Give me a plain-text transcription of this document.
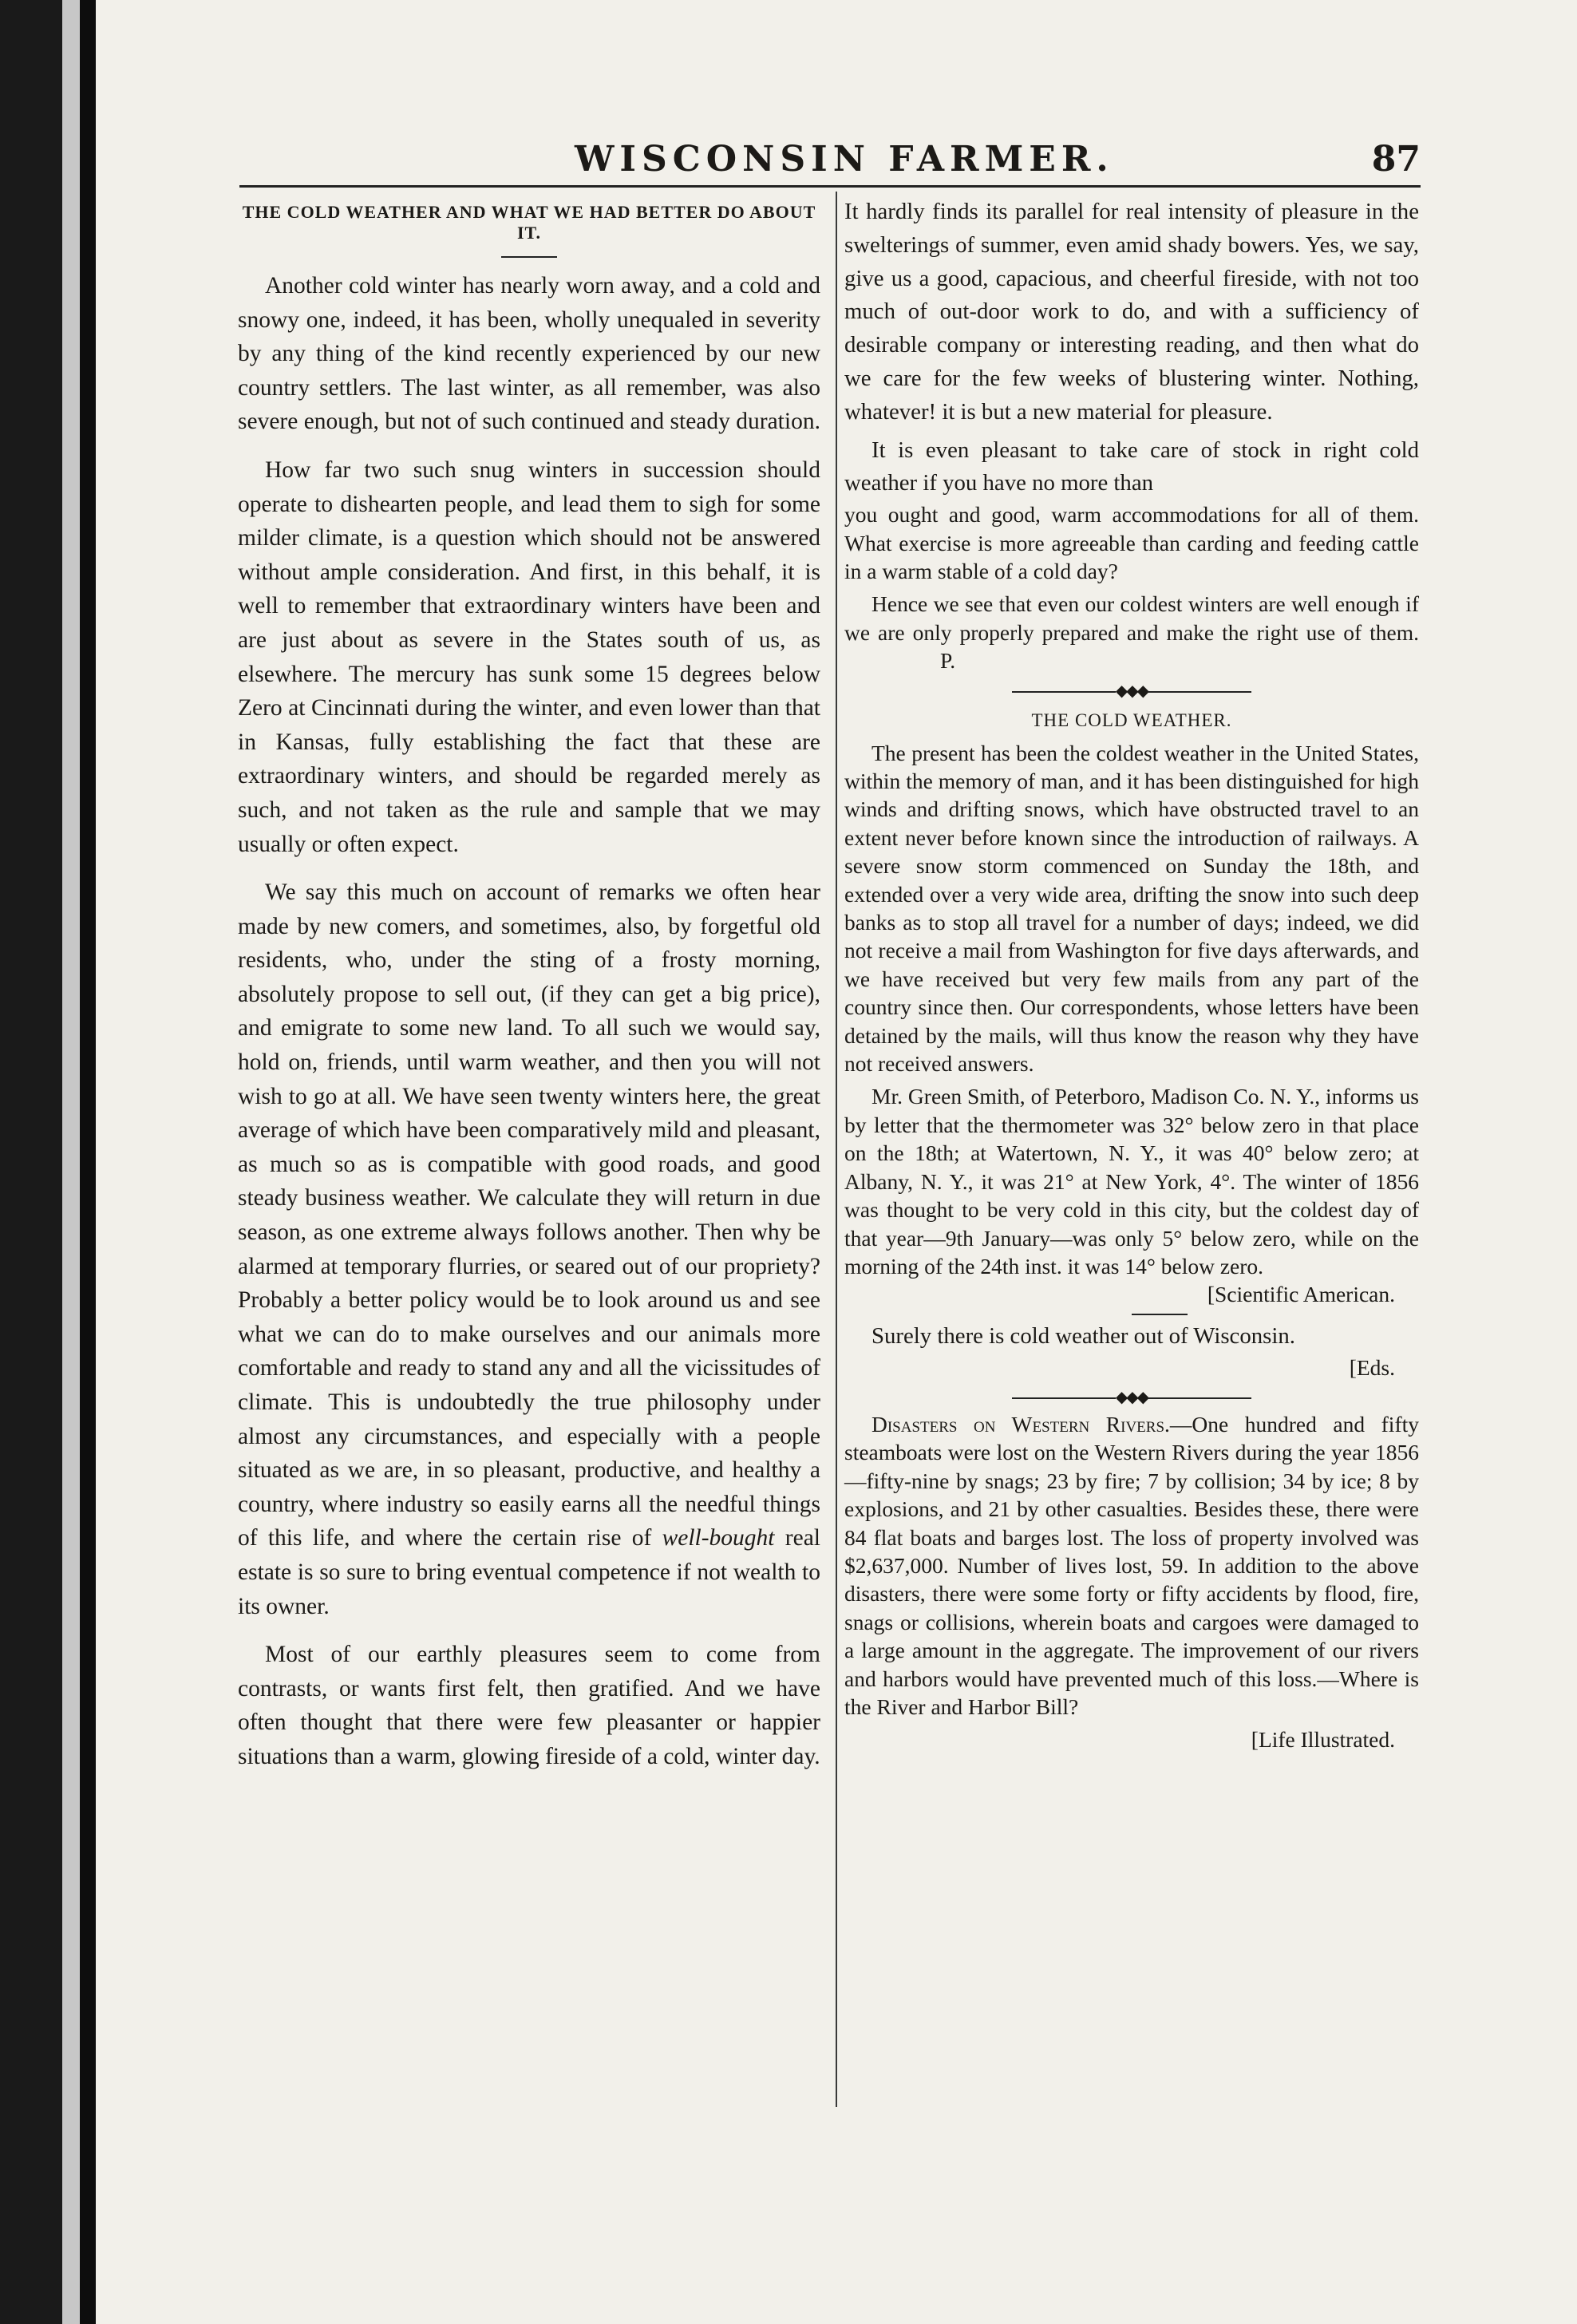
WISCONSIN FARMER.	87
THE COLD WEATHER AND WHAT WE HAD BETTER DO ABOUT IT.

Another cold winter has nearly worn away, and a cold and snowy one, indeed, it has been, wholly unequaled in severity by any thing of the kind recently experienced by our new country settlers. The last winter, as all remember, was also severe enough, but not of such continued and steady duration.

How far two such snug winters in succession should operate to dishearten people, and lead them to sigh for some milder climate, is a question which should not be answered without ample consideration. And first, in this behalf, it is well to remember that extraordinary winters have been and are just about as severe in the States south of us, as elsewhere. The mercury has sunk some 15 degrees below Zero at Cincinnati during the winter, and even lower than that in Kansas, fully establishing the fact that these are extraordinary winters, and should be regarded merely as such, and not taken as the rule and sample that we may usually or often expect.

We say this much on account of remarks we often hear made by new comers, and sometimes, also, by forgetful old residents, who, under the sting of a frosty morning, absolutely propose to sell out, (if they can get a big price), and emigrate to some new land. To all such we would say, hold on, friends, until warm weather, and then you will not wish to go at all. We have seen twenty winters here, the great average of which have been comparatively mild and pleasant, as much so as is compatible with good roads, and good steady business weather. We calculate they will return in due season, as one extreme always follows another. Then why be alarmed at temporary flurries, or seared out of our propriety? Probably a better policy would be to look around us and see what we can do to make ourselves and our animals more comfortable and ready to stand any and all the vicissitudes of climate. This is undoubtedly the true philosophy under almost any circumstances, and especially with a people situated as we are, in so pleasant, productive, and healthy a country, where industry so easily earns all the needful things of this life, and where the certain rise of well-bought real estate is so sure to bring eventual competence if not wealth to its owner.

Most of our earthly pleasures seem to come from contrasts, or wants first felt, then gratified. And we have often thought that there were few pleasanter or happier situations than a warm, glowing fireside of a cold, winter day.

It hardly finds its parallel for real intensity of pleasure in the swelterings of summer, even amid shady bowers. Yes, we say, give us a good, capacious, and cheerful fireside, with not too much of out-door work to do, and with a sufficiency of desirable company or interesting reading, and then what do we care for the few weeks of blustering winter. Nothing, whatever! it is but a new material for pleasure.

It is even pleasant to take care of stock in right cold weather if you have no more than

you ought and good, warm accommodations for all of them. What exercise is more agreeable than carding and feeding cattle in a warm stable of a cold day?

Hence we see that even our coldest winters are well enough if we are only properly prepared and make the right use of them.P.

◆◆◆
THE COLD WEATHER.

The present has been the coldest weather in the United States, within the memory of man, and it has been distinguished for high winds and drifting snows, which have obstructed travel to an extent never before known since the introduction of railways. A severe snow storm commenced on Sunday the 18th, and extended over a very wide area, drifting the snow into such deep banks as to stop all travel for a number of days; indeed, we did not receive a mail from Washington for five days afterwards, and we have received but very few mails from any part of the country since then. Our correspondents, whose letters have been detained by the mails, will thus know the reason why they have not received answers.

Mr. Green Smith, of Peterboro, Madison Co. N. Y., informs us by letter that the thermometer was 32° below zero in that place on the 18th; at Watertown, N. Y., it was 40° below zero; at Albany, N. Y., it was 21° at New York, 4°. The winter of 1856 was thought to be very cold in this city, but the coldest day of that year—9th January—was only 5° below zero, while on the morning of the 24th inst. it was 14° below zero.

[Scientific American.

Surely there is cold weather out of Wisconsin.

[Eds.
◆◆◆

Disasters on Western Rivers.—One hundred and fifty steamboats were lost on the Western Rivers during the year 1856—fifty-nine by snags; 23 by fire; 7 by collision; 34 by ice; 8 by explosions, and 21 by other casualties. Besides these, there were 84 flat boats and barges lost. The loss of property involved was $2,637,000. Number of lives lost, 59. In addition to the above disasters, there were some forty or fifty accidents by flood, fire, snags or collisions, wherein boats and cargoes were damaged to a large amount in the aggregate. The improvement of our rivers and harbors would have prevented much of this loss.—Where is the River and Harbor Bill?

[Life Illustrated.
